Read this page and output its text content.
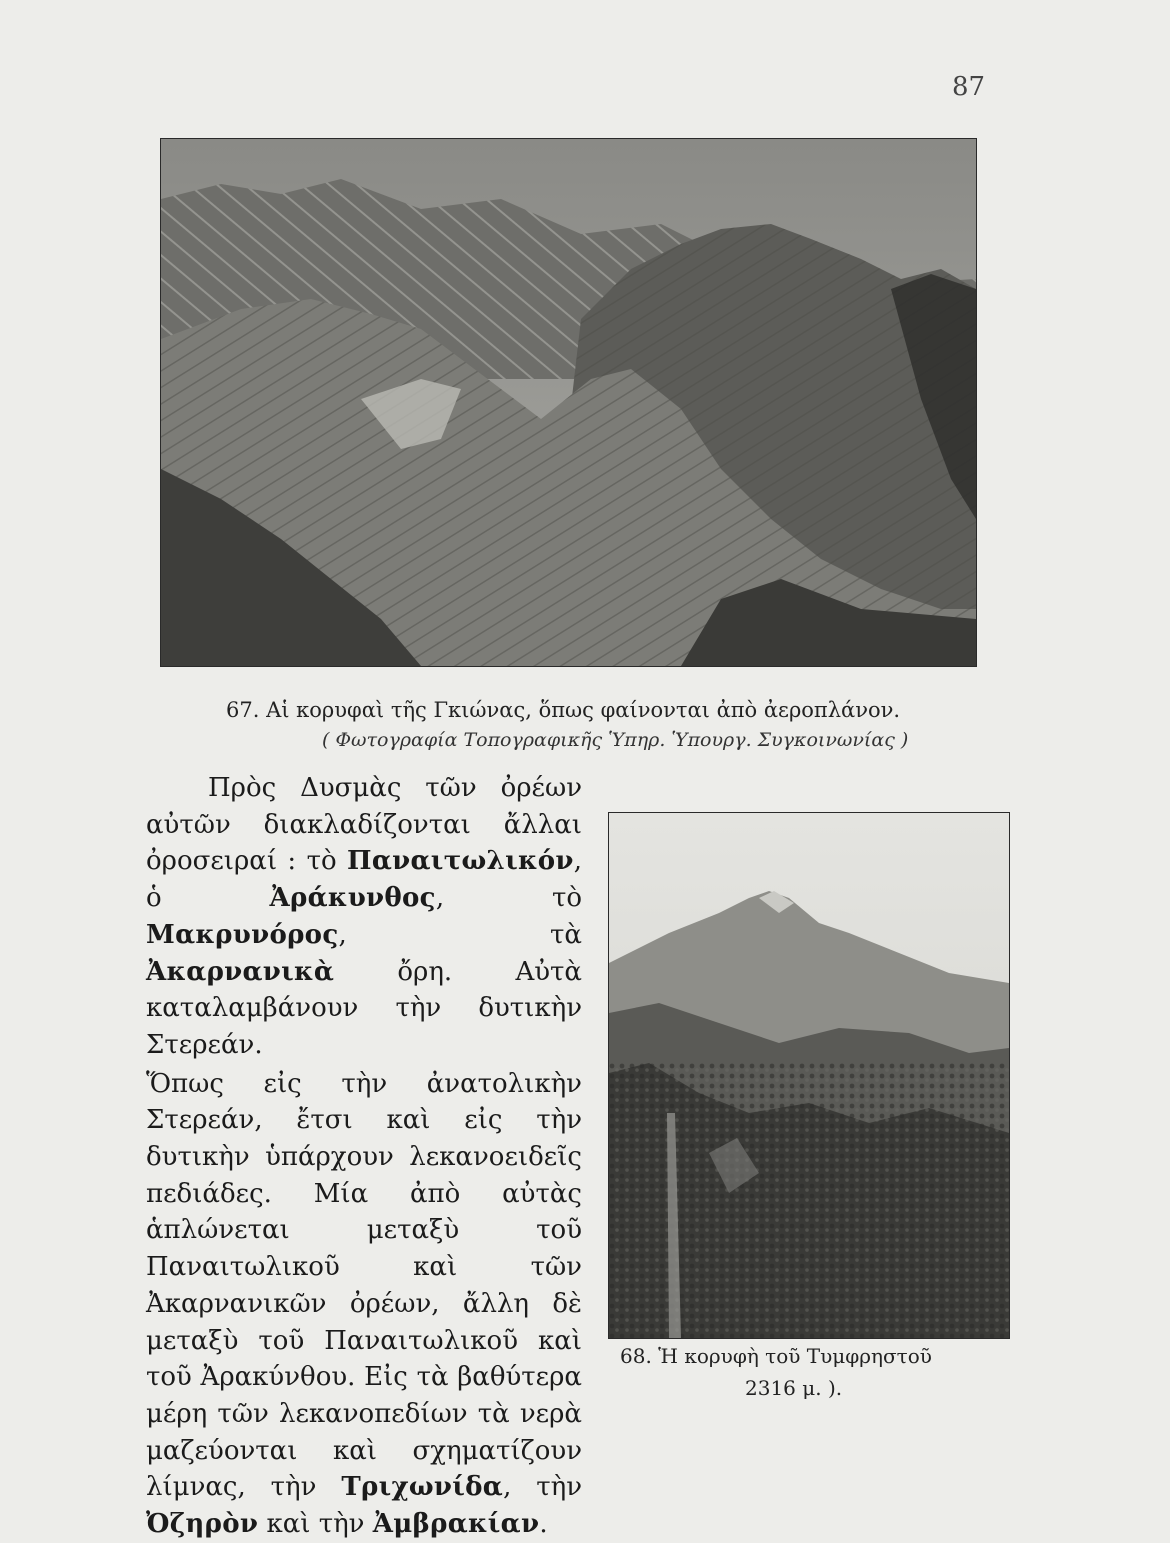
87
67. Αἱ κορυφαὶ τῆς Γκιώνας, ὅπως φαίνονται ἀπὸ ἀεροπλάνον.
( Φωτογραφία Τοπογραφικῆς Ὑπηρ. Ὑπουργ. Συγκοινωνίας )

Πρὸς Δυσμὰς τῶν ὀρέων αὐτῶν διακλαδίζονται ἄλλαι ὀροσειραί : τὸ Παναιτωλικόν, ὁ Ἀράκυνθος, τὸ Μακρυνόρος, τὰ Ἀκαρνανικὰ ὄρη. Αὐτὰ καταλαμβάνουν τὴν δυτικὴν Στερεάν.

Ὅπως εἰς τὴν ἀνατολικὴν Στερεάν, ἔτσι καὶ εἰς τὴν δυτικὴν ὑπάρχουν λεκανοειδεῖς πεδιάδες. Μία ἀπὸ αὐτὰς ἁπλώνεται μεταξὺ τοῦ Παναιτωλικοῦ καὶ τῶν Ἀκαρνανικῶν ὀρέων, ἄλλη δὲ μεταξὺ τοῦ Παναιτωλικοῦ καὶ τοῦ Ἀρακύνθου. Εἰς τὰ βαθύτερα μέρη τῶν λεκανοπεδίων τὰ νερὰ μαζεύονται καὶ σχηματίζουν λίμνας, τὴν Τριχωνίδα, τὴν Ὀζηρὸν καὶ τὴν Ἀμβρακίαν.

68. Ἡ κορυφὴ τοῦ Τυμφρηστοῦ
2316 μ. ).
